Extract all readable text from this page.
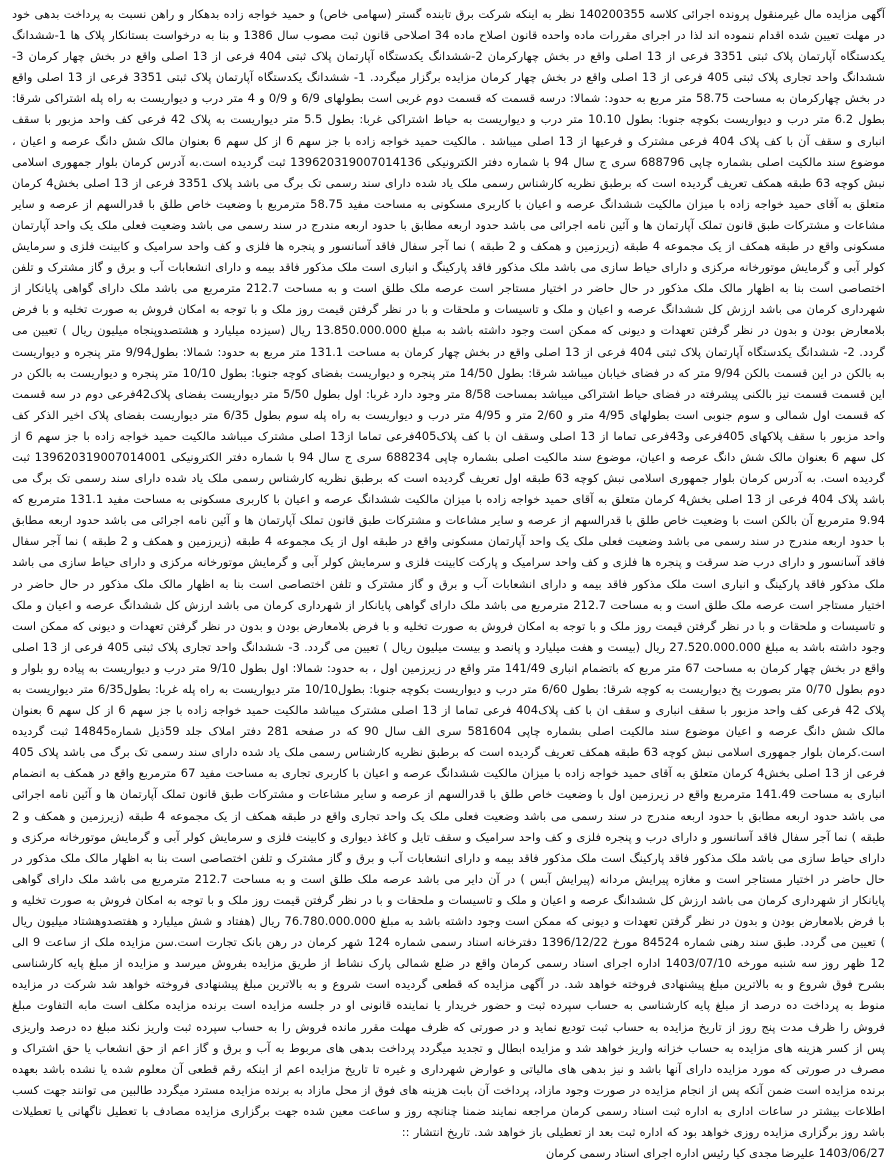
آگهی مزایده مال غیرمنقول پرونده اجرائی کلاسه 140200355 نظر به اینکه شرکت برق تابنده گستر (سهامی خاص) و حمید خواجه زاده بدهکار و راهن نسبت به پرداخت بدهی خود در مهلت تعیین شده اقدام ننموده اند لذا در اجرای مقررات ماده واحده قانون اصلاح ماده 34 اصلاحی قانون ثبت مصوب سال 1386 و بنا به درخواست بستانکار پلاک ها 1-ششدانگ یکدستگاه آپارتمان پلاک ثبتی 3351 فرعی از 13 اصلی واقع در بخش چهارکرمان 2-ششدانگ یکدستگاه آپارتمان پلاک ثبتی 404 فرعی از 13 اصلی واقع در بخش چهار کرمان 3-ششدانگ واحد تجاری پلاک ثبتی 405 فرعی از 13 اصلی واقع در بخش چهار کرمان مزایده برگزار میگردد. 1- ششدانگ یکدستگاه آپارتمان پلاک ثبتی 3351 فرعی از 13 اصلی واقع در بخش چهارکرمان به مساحت 58.75 متر مربع به حدود: شمالا: درسه قسمت که قسمت دوم غربی است بطولهای 6/9 و 0/9 و 4 متر درب و دیواریست به راه پله اشتراکی شرقا: بطول 6.2 متر درب و دیواریست بکوچه جنوبا: بطول 10.10 متر درب و دیواریست به حیاط اشتراکی غربا: بطول 5.5 متر دیواریست به پلاک 42 فرعی کف واحد مزبور با سقف انباری و سقف آن با کف پلاک 404 فرعی مشترک و فرعیها از 13 اصلی میباشد . مالکیت حمید خواجه زاده با جز سهم 6 از کل سهم 6 بعنوان مالک شش دانگ عرصه و اعیان ، موضوع سند مالکیت اصلی بشماره چاپی 688796 سری ج سال 94 با شماره دفتر الکترونیکی 139620319007014136 ثبت گردیده است.به آدرس کرمان بلوار جمهوری اسلامی نبش کوچه 63 طبقه همکف تعریف گردیده است که برطبق نظریه کارشناس رسمی ملک یاد شده دارای سند رسمی تک برگ می باشد پلاک 3351 فرعی از 13 اصلی بخش4 کرمان متعلق به آقای حمید خواجه زاده با میزان مالکیت ششدانگ عرصه و اعیان با کاربری مسکونی به مساحت مفید 58.75 مترمربع با وضعیت خاص طلق با قدرالسهم از عرصه و سایر مشاعات و مشترکات طبق قانون تملک آپارتمان ها و آئین نامه اجرائی می باشد حدود اربعه مطابق با حدود اربعه مندرج در سند رسمی می باشد وضعیت فعلی ملک یک واحد آپارتمان مسکونی واقع در طبقه همکف از یک مجموعه 4 طبقه (زیرزمین و همکف و 2 طبقه ) نما آجر سفال فاقد آسانسور و پنجره ها فلزی و کف واحد سرامیک و کابینت فلزی و سرمایش کولر آبی و گرمایش موتورخانه مرکزی و دارای حیاط سازی می باشد ملک مذکور فاقد پارکینگ و انباری است ملک مذکور فاقد بیمه و دارای انشعابات آب و برق و گاز مشترک و تلفن اختصاصی است بنا به اظهار مالک ملک مذکور در حال حاضر در اختیار مستاجر است عرصه ملک طلق است و به مساحت 212.7 مترمربع می باشد ملک دارای گواهی پایانکار از شهرداری کرمان می باشد ارزش کل ششدانگ عرصه و اعیان و ملک و تاسیسات و ملحقات و با در نظر گرفتن قیمت روز ملک و با توجه به امکان فروش به صورت تخلیه و با فرض بلامعارض بودن و بدون در نظر گرفتن تعهدات و دیونی که ممکن است وجود داشته باشد به مبلغ 13.850.000.000 ریال (سیزده میلیارد و هشتصدوپنجاه میلیون ریال ) تعیین می گردد. 2- ششدانگ یکدستگاه آپارتمان پلاک ثبتی 404 فرعی از 13 اصلی واقع در بخش چهار کرمان به مساحت 131.1 متر مربع به حدود: شمالا: بطول9/94 متر پنجره و دیواریست به بالکن در این قسمت بالکن 9/94 متر که در فضای خیابان میباشد شرقا: بطول 14/50 متر پنجره و دیواریست بفضای کوچه جنوبا: بطول 10/10 متر پنجره و دیواریست به بالکن در این قسمت قسمت نیز بالکنی پیشرفته در فضای حیاط اشتراکی میباشد بمساحت 8/58 متر وجود دارد غربا: اول بطول 5/50 متر دیواریست بفضای پلاک42فرعی دوم در سه قسمت که قسمت اول شمالی و سوم جنوبی است بطولهای 4/95 متر و 2/60 متر و 4/95 متر درب و دیواریست به راه پله سوم بطول 6/35 متر دیواریست بفضای پلاک اخیر الذکر کف واحد مزبور با سقف پلاکهای 405فرعی و43فرعی تماما از 13 اصلی وسقف ان با کف پلاک405فرعی تماما از13 اصلی مشترک میباشد مالکیت حمید خواجه زاده با جز سهم 6 از کل سهم 6 بعنوان مالک شش دانگ عرصه و اعیان، موضوع سند مالکیت اصلی بشماره چاپی 688234 سری ج سال 94 با شماره دفتر الکترونیکی 139620319007014001 ثبت گردیده است. به آدرس کرمان بلوار جمهوری اسلامی نبش کوچه 63 طبقه اول تعریف گردیده است که برطبق نظریه کارشناس رسمی ملک یاد شده دارای سند رسمی تک برگ می باشد پلاک 404 فرعی از 13 اصلی بخش4 کرمان متعلق به آقای حمید خواجه زاده با میزان مالکیت ششدانگ عرصه و اعیان با کاربری مسکونی به مساحت مفید 131.1 مترمربع که 9.94 مترمربع آن بالکن است با وضعیت خاص طلق با قدرالسهم از عرصه و سایر مشاعات و مشترکات طبق قانون تملک آپارتمان ها و آئین نامه اجرائی می باشد حدود اربعه مطابق با حدود اربعه مندرج در سند رسمی می باشد وضعیت فعلی ملک یک واحد آپارتمان مسکونی واقع در طبقه اول از یک مجموعه 4 طبقه (زیرزمین و همکف و 2 طبقه ) نما آجر سفال فاقد آسانسور و دارای درب ضد سرقت و پنجره ها فلزی و کف واحد سرامیک و پارکت کابینت فلزی و سرمایش کولر آبی و گرمایش موتورخانه مرکزی و دارای حیاط سازی می باشد ملک مذکور فاقد پارکینگ و انباری است ملک مذکور فاقد بیمه و دارای انشعابات آب و برق و گاز مشترک و تلفن اختصاصی است بنا به اظهار مالک ملک مذکور در حال حاضر در اختیار مستاجر است عرصه ملک طلق است و به مساحت 212.7 مترمربع می باشد ملک دارای گواهی پایانکار از شهرداری کرمان می باشد ارزش کل ششدانگ عرصه و اعیان و ملک و تاسیسات و ملحقات و با در نظر گرفتن قیمت روز ملک و با توجه به امکان فروش به صورت تخلیه و با فرض بلامعارض بودن و بدون در نظر گرفتن تعهدات و دیونی که ممکن است وجود داشته باشد به مبلغ 27.520.000.000 ریال (بیست و هفت میلیارد و پانصد و بیست میلیون ریال ) تعیین می گردد. 3- ششدانگ واحد تجاری پلاک ثبتی 405 فرعی از 13 اصلی واقع در بخش چهار کرمان به مساحت 67 متر مربع که باتضمام انباری 141/49 متر واقع در زیرزمین اول ، به حدود: شمالا: اول بطول 9/10 متر درب و دیواریست به پیاده رو بلوار و دوم بطول 0/70 متر بصورت پخ دیواریست به کوچه شرقا: بطول 6/60 متر درب و دیواریست بکوچه جنوبا: بطول10/10 متر دیواریست به راه پله غربا: بطول6/35 متر دیواریست به پلاک 42 فرعی کف واحد مزبور با سقف انباری و سقف ان با کف پلاک404 فرعی تماما از 13 اصلی مشترک میباشد مالکیت حمید خواجه زاده با جز سهم 6 از کل سهم 6 بعنوان مالک شش دانگ عرصه و اعیان موضوع سند مالکیت اصلی بشماره چاپی 581604 سری الف سال 90 که در صفحه 281 دفتر املاک جلد 59ذیل شماره14845 ثبت گردیده است.کرمان بلوار جمهوری اسلامی نبش کوچه 63 طبقه همکف تعریف گردیده است که برطبق نظریه کارشناس رسمی ملک یاد شده دارای سند رسمی تک برگ می باشد پلاک 405 فرعی از 13 اصلی بخش4 کرمان متعلق به آقای حمید خواجه زاده با میزان مالکیت ششدانگ عرصه و اعیان با کاربری تجاری به مساحت مفید 67 مترمربع واقع در همکف به انضمام انباری به مساحت 141.49 مترمربع واقع در زیرزمین اول با وضعیت خاص طلق با قدرالسهم از عرصه و سایر مشاعات و مشترکات طبق قانون تملک آپارتمان ها و آئین نامه اجرائی می باشد حدود اربعه مطابق با حدود اربعه مندرج در سند رسمی می باشد وضعیت فعلی ملک یک واحد تجاری واقع در طبقه همکف از یک مجموعه 4 طبقه (زیرزمین و همکف و 2 طبقه ) نما آجر سفال فاقد آسانسور و دارای درب و پنجره فلزی و کف واحد سرامیک و سقف تایل و کاغذ دیواری و کابینت فلزی و سرمایش کولر آبی و گرمایش موتورخانه مرکزی و دارای حیاط سازی می باشد ملک مذکور فاقد پارکینگ است ملک مذکور فاقد بیمه و دارای انشعابات آب و برق و گاز مشترک و تلفن اختصاصی است بنا به اظهار مالک ملک مذکور در حال حاضر در اختیار مستاجر است و مغازه پیرایش مردانه (پیرایش آبس ) در آن دایر می باشد عرصه ملک طلق است و به مساحت 212.7 مترمربع می باشد ملک دارای گواهی پایانکار از شهرداری کرمان می باشد ارزش کل ششدانگ عرصه و اعیان و ملک و تاسیسات و ملحقات و با در نظر گرفتن قیمت روز ملک و با توجه به امکان فروش به صورت تخلیه و با فرض بلامعارض بودن و بدون در نظر گرفتن تعهدات و دیونی که ممکن است وجود داشته باشد به مبلغ 76.780.000.000 ریال (هفتاد و شش میلیارد و هفتصدوهشتاد میلیون ریال ) تعیین می گردد. طبق سند رهنی شماره 84524 مورخ 1396/12/22 دفترخانه اسناد رسمی شماره 124 شهر کرمان در رهن بانک تجارت است.سن مزایده ملک از ساعت 9 الی 12 ظهر روز سه شنبه مورخه 1403/07/10 اداره اجرای اسناد رسمی کرمان واقع در ضلع شمالی پارک نشاط از طریق مزایده بفروش میرسد و مزایده از مبلغ پایه کارشناسی بشرح فوق شروع و به بالاترین مبلغ پیشنهادی فروخته خواهد شد. در آگهی مزایده که قطعی گردیده است شروع و به بالاترین مبلغ پیشنهادی فروخته خواهد شد شرکت در مزایده منوط به پرداخت ده درصد از مبلغ پایه کارشناسی به حساب سپرده ثبت و حضور خریدار یا نماینده قانونی او در جلسه مزایده است برنده مزایده مکلف است مابه التفاوت مبلغ فروش را ظرف مدت پنج روز از تاریخ مزایده به حساب ثبت تودیع نماید و در صورتی که ظرف مهلت مقرر مانده فروش را به حساب سپرده ثبت واریز نکند مبلغ ده درصد واریزی پس از کسر هزینه های مزایده به حساب خزانه واریز خواهد شد و مزایده ابطال و تجدید میگردد پرداخت بدهی های مربوط به آب و برق و گاز اعم از حق انشعاب یا حق اشتراک و مصرف در صورتی که مورد مزایده دارای آنها باشد و نیز بدهی های مالیاتی و عوارض شهرداری و غیره تا تاریخ مزایده اعم از اینکه رقم قطعی آن معلوم شده یا نشده باشد بعهده برنده مزایده است ضمن آنکه پس از انجام مزایده در صورت وجود مازاد، پرداخت آن بابت هزینه های فوق از محل مازاد به برنده مزایده مسترد میگردد طالبین می توانند جهت کسب اطلاعات بیشتر در ساعات اداری به اداره ثبت اسناد رسمی کرمان مراجعه نمایند ضمنا چنانچه روز و ساعت معین شده جهت برگزاری مزایده مصادف با تعطیل ناگهانی یا تعطیلات باشد روز برگزاری مزایده روزی خواهد بود که اداره ثبت بعد از تعطیلی باز خواهد شد. تاریخ انتشار ::

1403/06/27 علیرضا مجدی کیا رئیس اداره اجرای اسناد رسمی کرمان
